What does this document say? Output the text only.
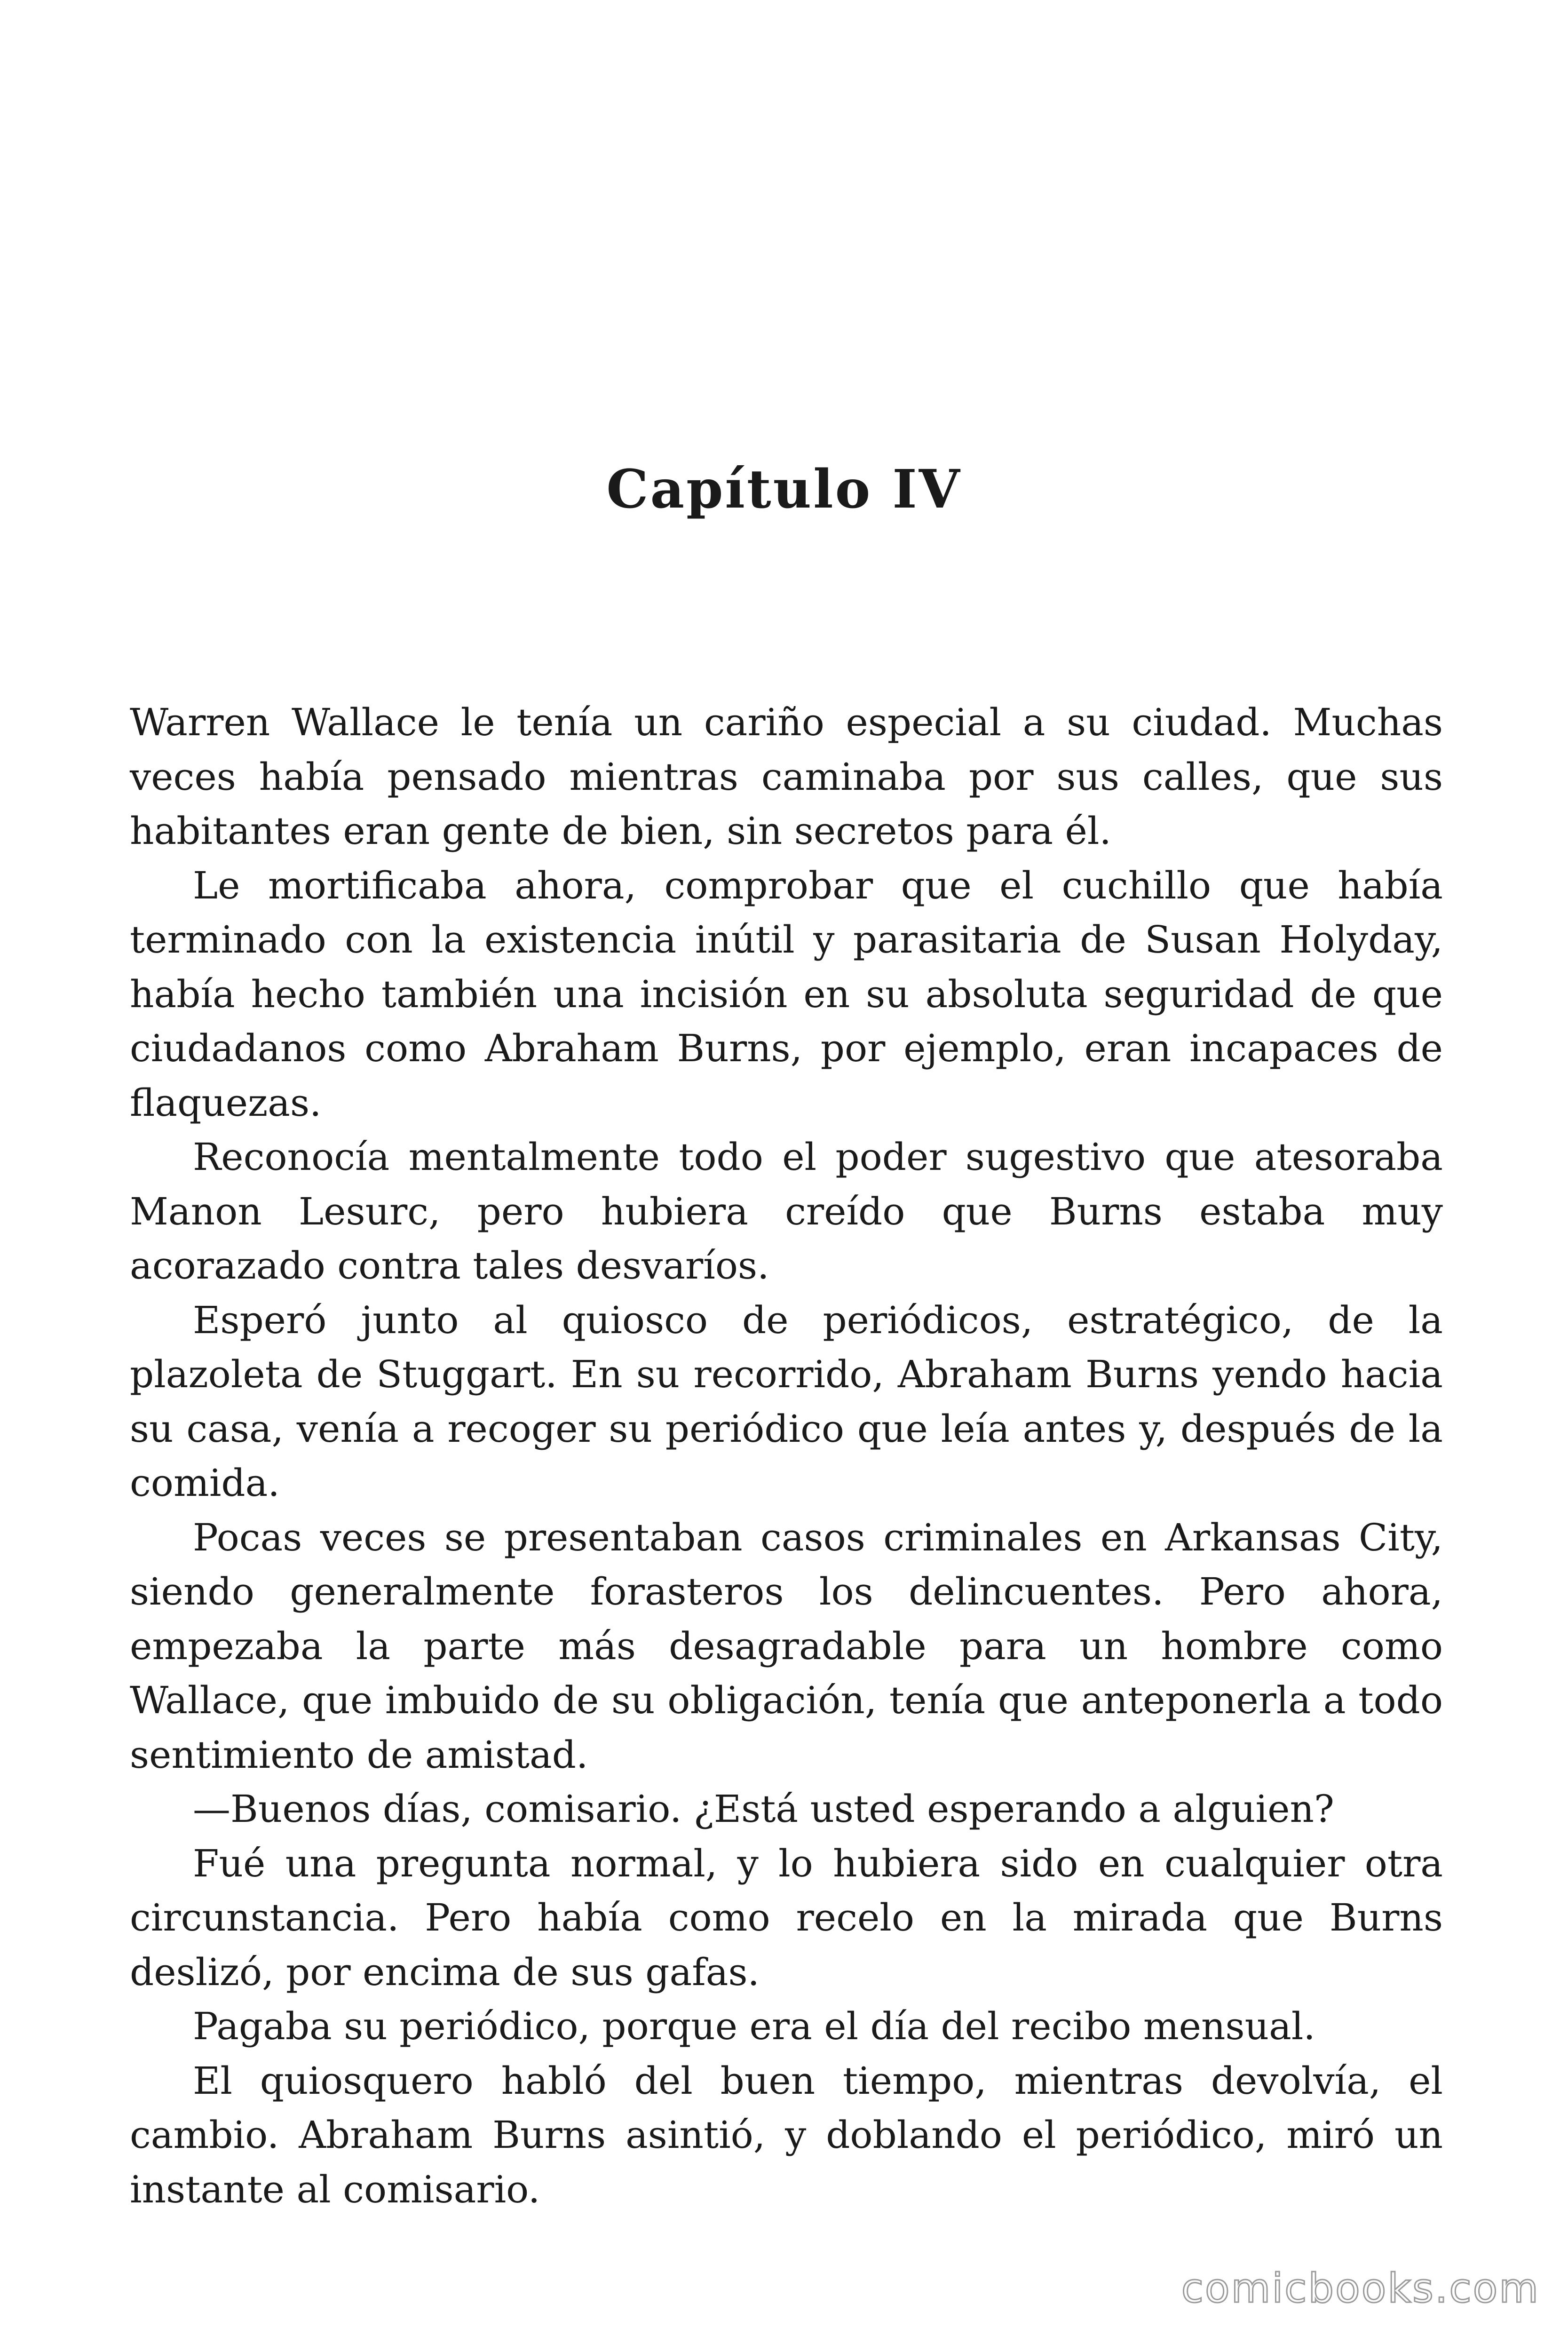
Capítulo IV

Warren Wallace le tenía un cariño especial a su ciudad. Muchas veces había pensado mientras caminaba por sus calles, que sus habitantes eran gente de bien, sin secretos para él.

Le mortificaba ahora, comprobar que el cuchillo que había terminado con la existencia inútil y parasitaria de Susan Holyday, había hecho también una incisión en su absoluta seguridad de que ciudadanos como Abraham Burns, por ejemplo, eran incapaces de flaquezas.

Reconocía mentalmente todo el poder sugestivo que atesoraba Manon Lesurc, pero hubiera creído que Burns estaba muy acorazado contra tales desvaríos.

Esperó junto al quiosco de periódicos, estratégico, de la plazoleta de Stuggart. En su recorrido, Abraham Burns yendo hacia su casa, venía a recoger su periódico que leía antes y, después de la comida.

Pocas veces se presentaban casos criminales en Arkansas City, siendo generalmente forasteros los delincuentes. Pero ahora, empezaba la parte más desagradable para un hombre como Wallace, que imbuido de su obligación, tenía que anteponerla a todo sentimiento de amistad.

—Buenos días, comisario. ¿Está usted esperando a alguien?

Fué una pregunta normal, y lo hubiera sido en cualquier otra circunstancia. Pero había como recelo en la mirada que Burns deslizó, por encima de sus gafas.

Pagaba su periódico, porque era el día del recibo mensual.

El quiosquero habló del buen tiempo, mientras devolvía, el cambio. Abraham Burns asintió, y doblando el periódico, miró un instante al comisario.

comicbooks.com
